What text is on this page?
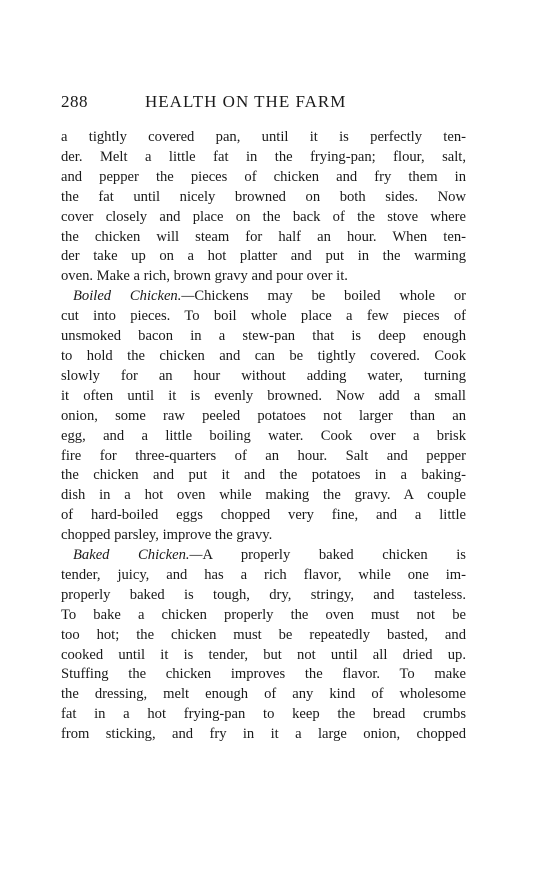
288	HEALTH ON THE FARM
a tightly covered pan, until it is perfectly ten-
der. Melt a little fat in the frying-pan; flour, salt,
and pepper the pieces of chicken and fry them in
the fat until nicely browned on both sides. Now
cover closely and place on the back of the stove where
the chicken will steam for half an hour. When ten-
der take up on a hot platter and put in the warming
oven. Make a rich, brown gravy and pour over it.
Boiled Chicken.—Chickens may be boiled whole or
cut into pieces. To boil whole place a few pieces of
unsmoked bacon in a stew-pan that is deep enough
to hold the chicken and can be tightly covered. Cook
slowly for an hour without adding water, turning
it often until it is evenly browned. Now add a small
onion, some raw peeled potatoes not larger than an
egg, and a little boiling water. Cook over a brisk
fire for three-quarters of an hour. Salt and pepper
the chicken and put it and the potatoes in a baking-
dish in a hot oven while making the gravy. A couple
of hard-boiled eggs chopped very fine, and a little
chopped parsley, improve the gravy.
Baked Chicken.—A properly baked chicken is
tender, juicy, and has a rich flavor, while one im-
properly baked is tough, dry, stringy, and tasteless.
To bake a chicken properly the oven must not be
too hot; the chicken must be repeatedly basted, and
cooked until it is tender, but not until all dried up.
Stuffing the chicken improves the flavor. To make
the dressing, melt enough of any kind of wholesome
fat in a hot frying-pan to keep the bread crumbs
from sticking, and fry in it a large onion, chopped
